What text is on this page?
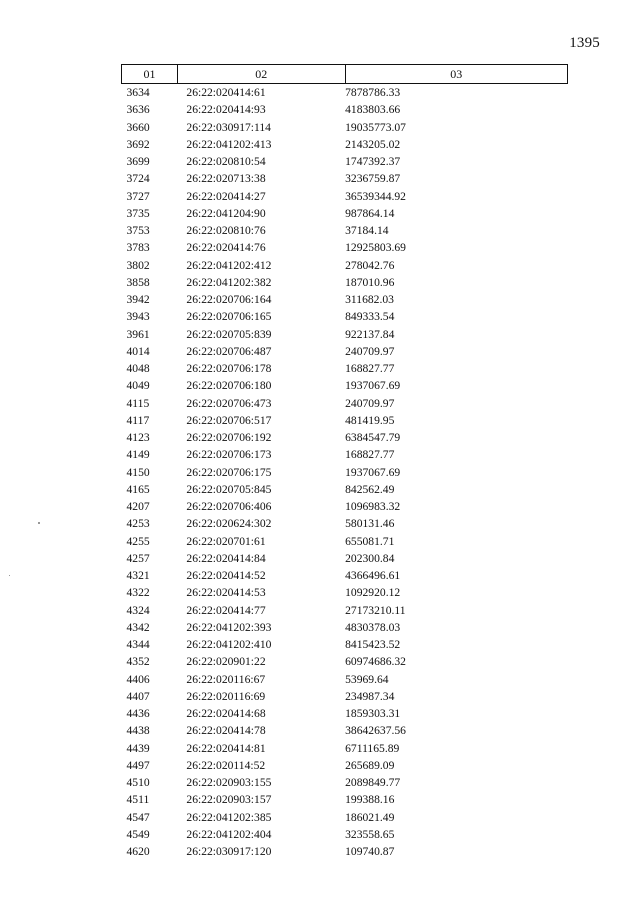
1395
01	02	03
3634	26:22:020414:61	7878786.33
3636	26:22:020414:93	4183803.66
3660	26:22:030917:114	19035773.07
3692	26:22:041202:413	2143205.02
3699	26:22:020810:54	1747392.37
3724	26:22:020713:38	3236759.87
3727	26:22:020414:27	36539344.92
3735	26:22:041204:90	987864.14
3753	26:22:020810:76	37184.14
3783	26:22:020414:76	12925803.69
3802	26:22:041202:412	278042.76
3858	26:22:041202:382	187010.96
3942	26:22:020706:164	311682.03
3943	26:22:020706:165	849333.54
3961	26:22:020705:839	922137.84
4014	26:22:020706:487	240709.97
4048	26:22:020706:178	168827.77
4049	26:22:020706:180	1937067.69
4115	26:22:020706:473	240709.97
4117	26:22:020706:517	481419.95
4123	26:22:020706:192	6384547.79
4149	26:22:020706:173	168827.77
4150	26:22:020706:175	1937067.69
4165	26:22:020705:845	842562.49
4207	26:22:020706:406	1096983.32
4253	26:22:020624:302	580131.46
4255	26:22:020701:61	655081.71
4257	26:22:020414:84	202300.84
4321	26:22:020414:52	4366496.61
4322	26:22:020414:53	1092920.12
4324	26:22:020414:77	27173210.11
4342	26:22:041202:393	4830378.03
4344	26:22:041202:410	8415423.52
4352	26:22:020901:22	60974686.32
4406	26:22:020116:67	53969.64
4407	26:22:020116:69	234987.34
4436	26:22:020414:68	1859303.31
4438	26:22:020414:78	38642637.56
4439	26:22:020414:81	6711165.89
4497	26:22:020114:52	265689.09
4510	26:22:020903:155	2089849.77
4511	26:22:020903:157	199388.16
4547	26:22:041202:385	186021.49
4549	26:22:041202:404	323558.65
4620	26:22:030917:120	109740.87
